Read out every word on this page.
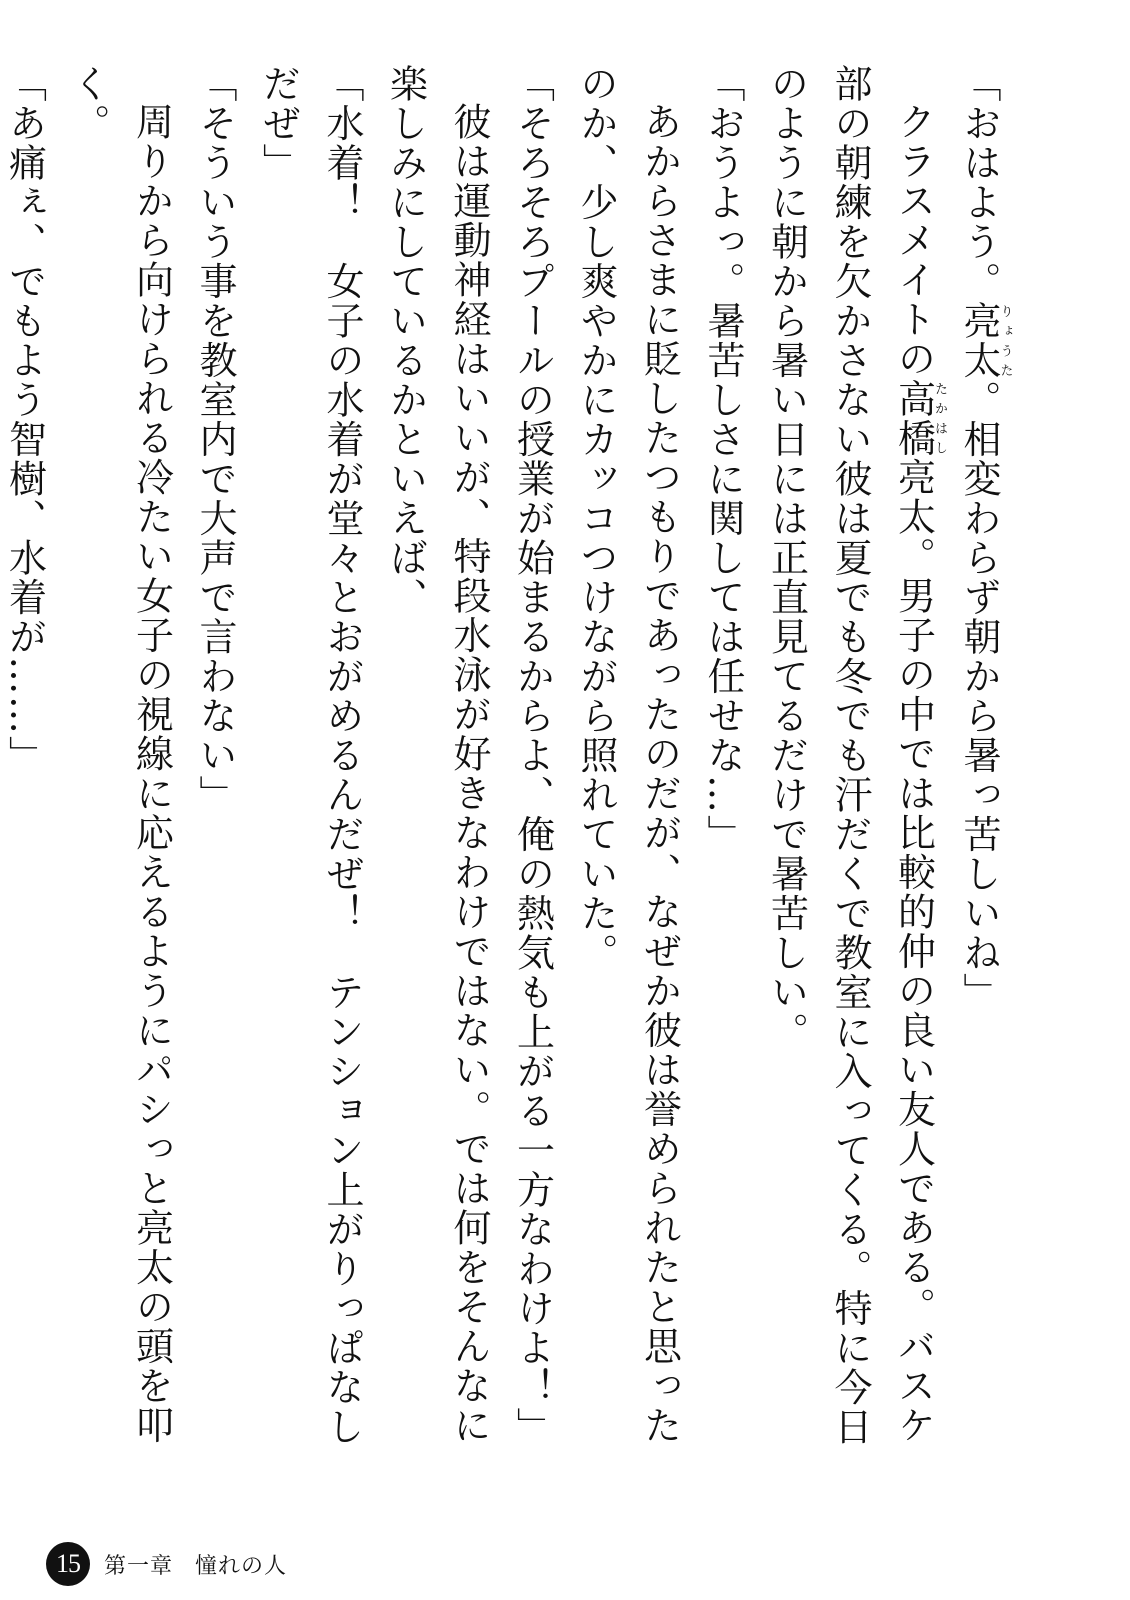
「おはよう。亮太りょうた。相変わらず朝から暑っ苦しいね」

クラスメイトの高橋たかはし亮太。男子の中では比較的仲の良い友人である。バスケ部の朝練を欠かさない彼は夏でも冬でも汗だくで教室に入ってくる。特に今日のように朝から暑い日には正直見てるだけで暑苦しい。

「おうよっ。暑苦しさに関しては任せな…」

あからさまに貶したつもりであったのだが、なぜか彼は誉められたと思ったのか、少し爽やかにカッコつけながら照れていた。

「そろそろプールの授業が始まるからよ、俺の熱気も上がる一方なわけよ！」

彼は運動神経はいいが、特段水泳が好きなわけではない。では何をそんなに楽しみにしているかといえば、

「水着！　女子の水着が堂々とおがめるんだぜ！　テンション上がりっぱなしだぜ」

「そういう事を教室内で大声で言わない」

周りから向けられる冷たい女子の視線に応えるようにパシっと亮太の頭を叩く。

「あ痛ぇ、でもよう智樹、水着が……」

15	第一章 憧れの人
